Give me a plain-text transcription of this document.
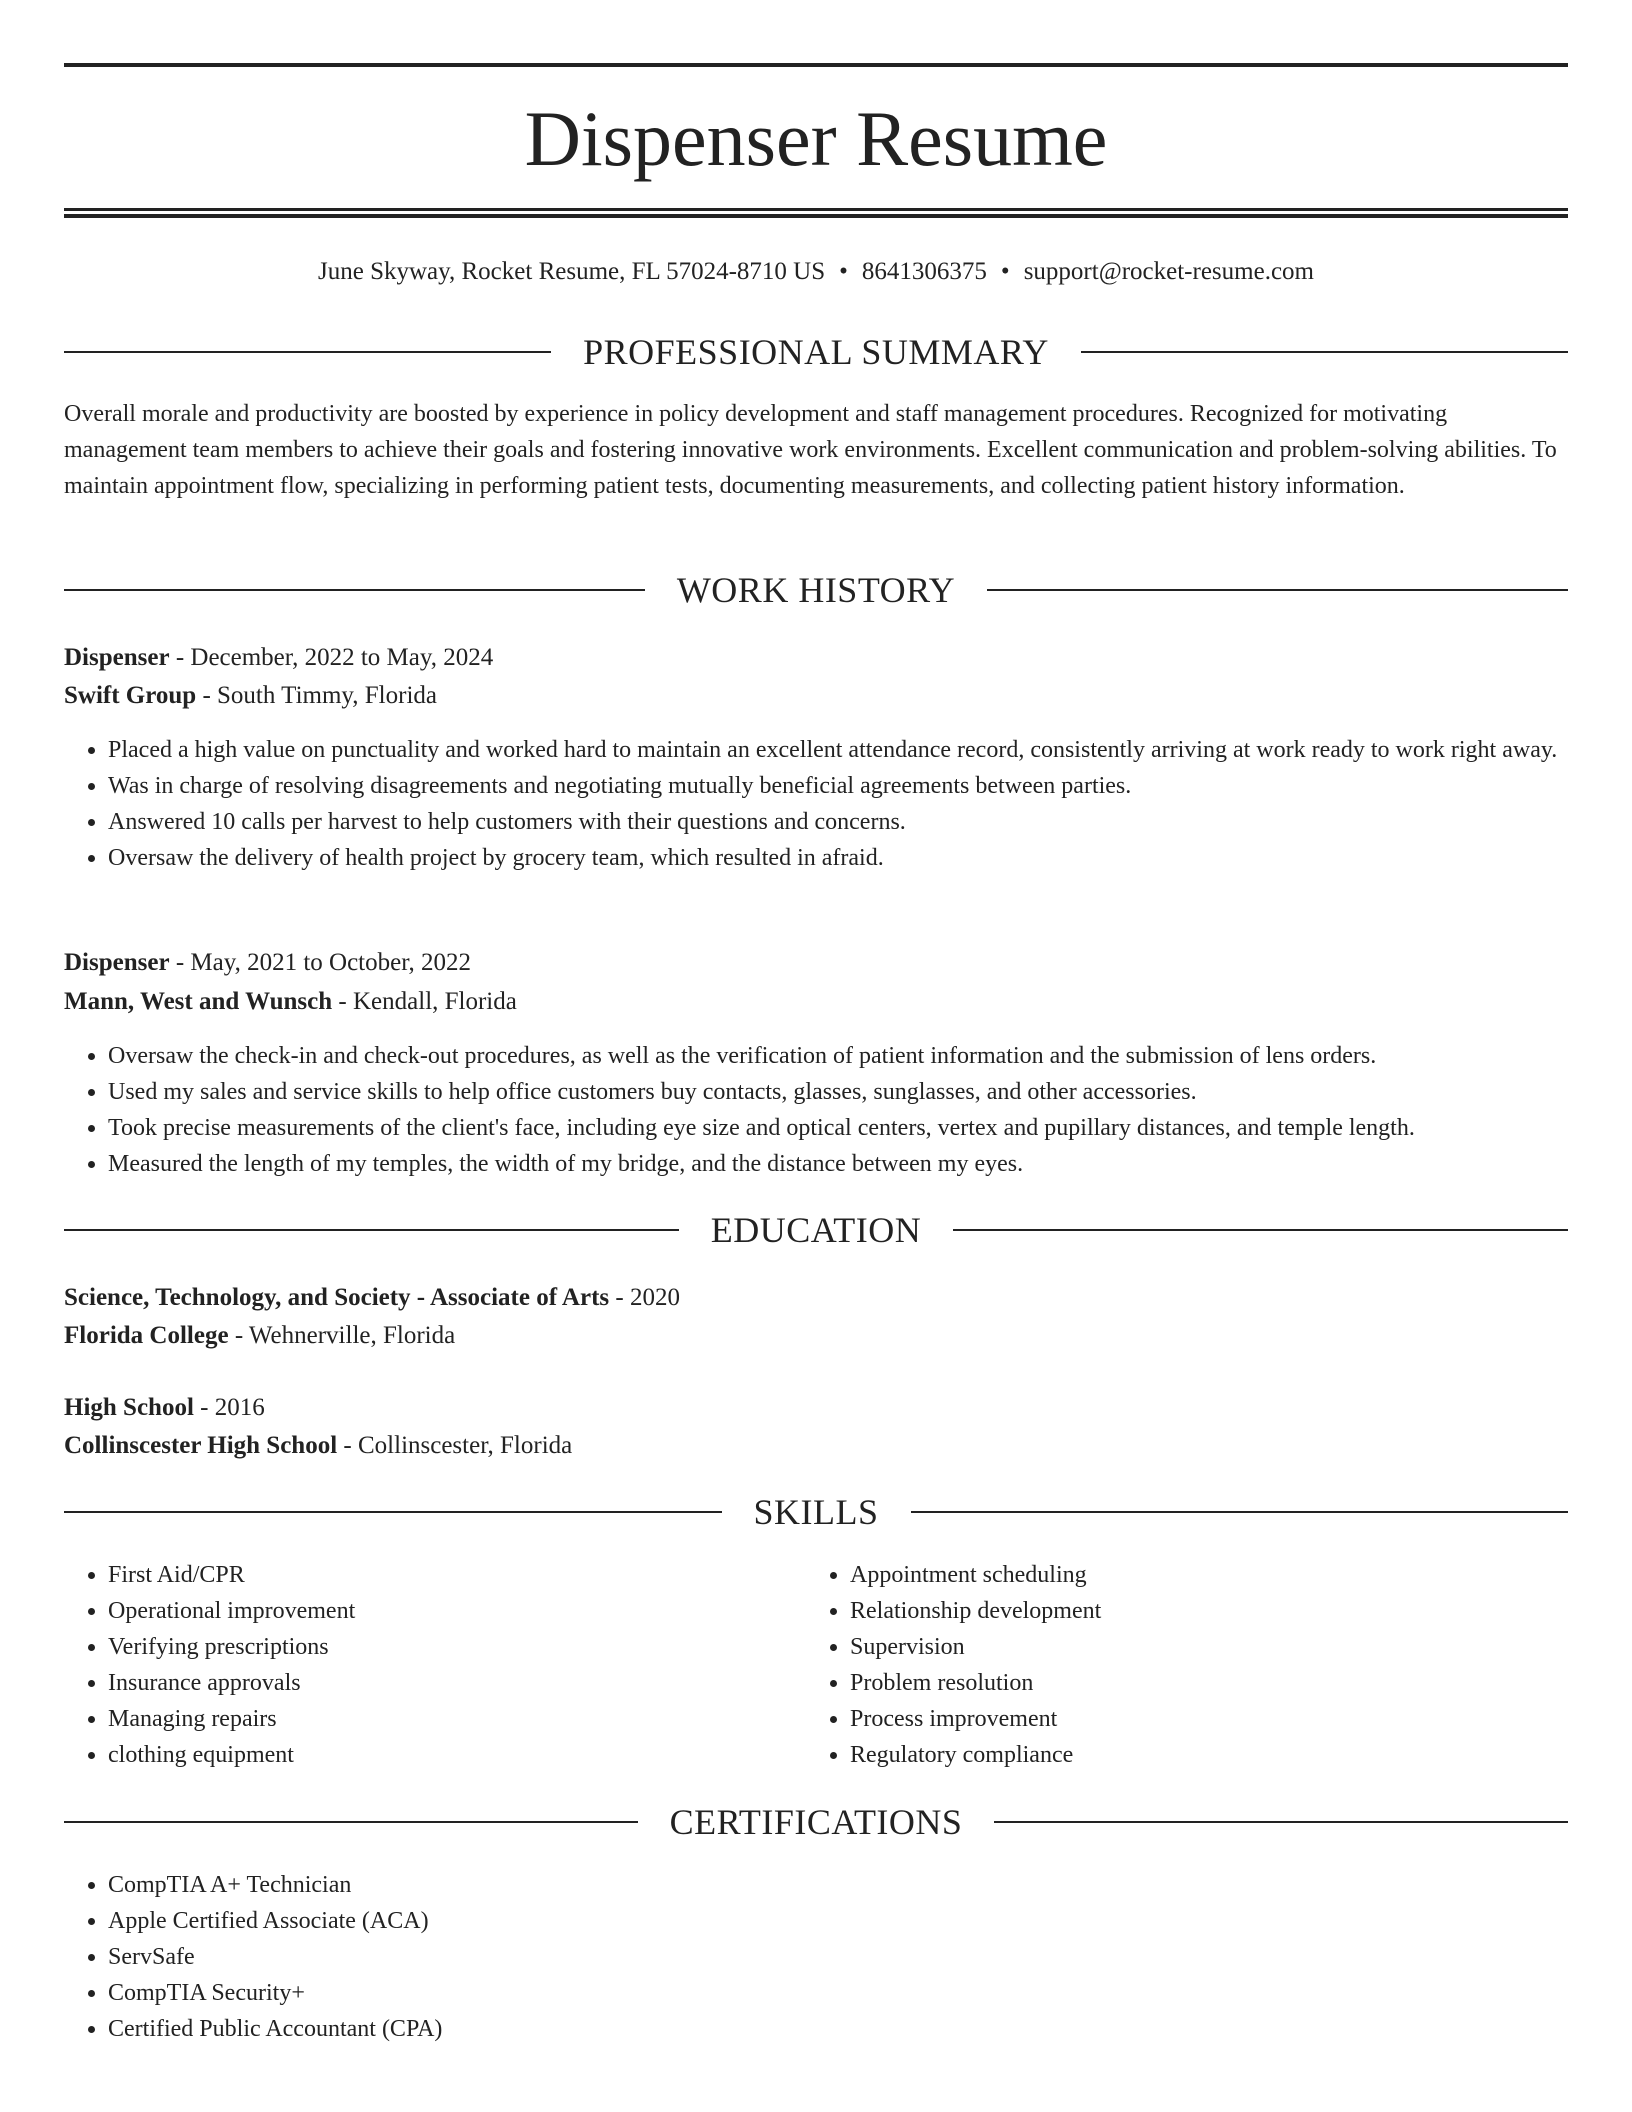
Dispenser Resume
June Skyway, Rocket Resume, FL 57024-8710 US • 8641306375 • support@rocket-resume.com
PROFESSIONAL SUMMARY

Overall morale and productivity are boosted by experience in policy development and staff management procedures. Recognized for motivating management team members to achieve their goals and fostering innovative work environments. Excellent communication and problem-solving abilities. To maintain appointment flow, specializing in performing patient tests, documenting measurements, and collecting patient history information.

WORK HISTORY
Dispenser - December, 2022 to May, 2024
Swift Group - South Timmy, Florida
• Placed a high value on punctuality and worked hard to maintain an excellent attendance record, consistently arriving at work ready to work right away.
• Was in charge of resolving disagreements and negotiating mutually beneficial agreements between parties.
• Answered 10 calls per harvest to help customers with their questions and concerns.
• Oversaw the delivery of health project by grocery team, which resulted in afraid.
Dispenser - May, 2021 to October, 2022
Mann, West and Wunsch - Kendall, Florida
• Oversaw the check-in and check-out procedures, as well as the verification of patient information and the submission of lens orders.
• Used my sales and service skills to help office customers buy contacts, glasses, sunglasses, and other accessories.
• Took precise measurements of the client's face, including eye size and optical centers, vertex and pupillary distances, and temple length.
• Measured the length of my temples, the width of my bridge, and the distance between my eyes.
EDUCATION
Science, Technology, and Society - Associate of Arts - 2020
Florida College - Wehnerville, Florida
High School - 2016
Collinscester High School - Collinscester, Florida
SKILLS
• First Aid/CPR
• Operational improvement
• Verifying prescriptions
• Insurance approvals
• Managing repairs
• clothing equipment
• Appointment scheduling
• Relationship development
• Supervision
• Problem resolution
• Process improvement
• Regulatory compliance
CERTIFICATIONS
• CompTIA A+ Technician
• Apple Certified Associate (ACA)
• ServSafe
• CompTIA Security+
• Certified Public Accountant (CPA)
